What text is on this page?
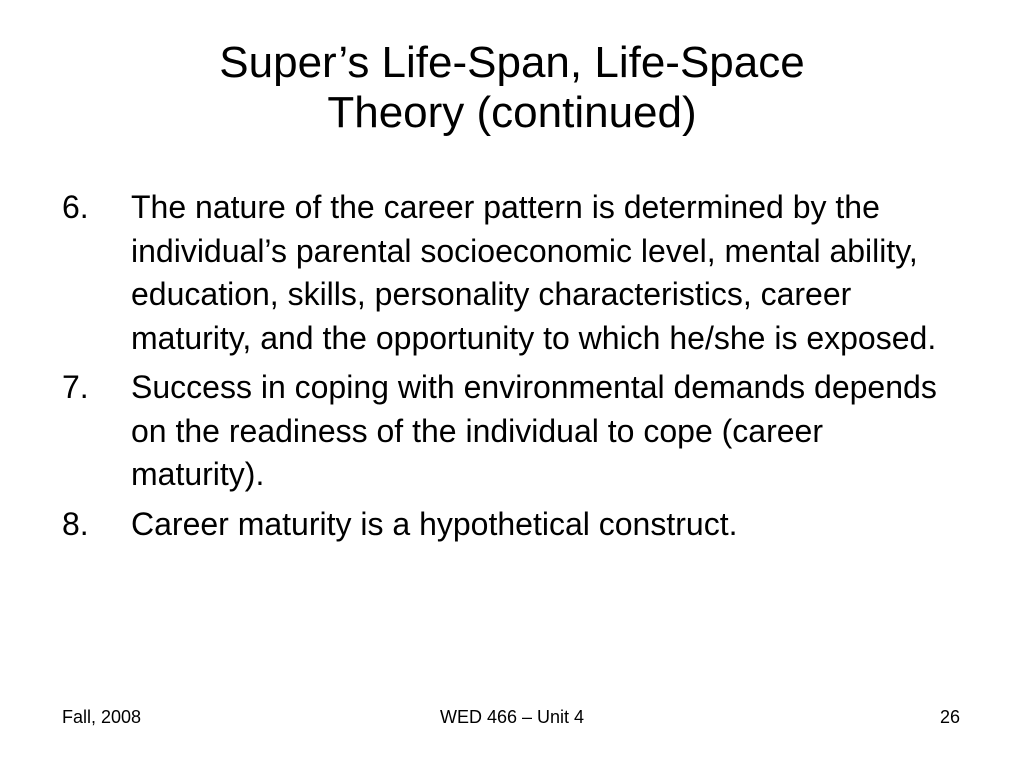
Super’s Life-Span, Life-Space
Theory (continued)
6. The nature of the career pattern is determined by the individual’s parental socioeconomic level, mental ability, education, skills, personality characteristics, career maturity, and the opportunity to which he/she is exposed.
7. Success in coping with environmental demands depends on the readiness of the individual to cope (career maturity).
8. Career maturity is a hypothetical construct.
Fall, 2008	WED 466 – Unit 4	26
